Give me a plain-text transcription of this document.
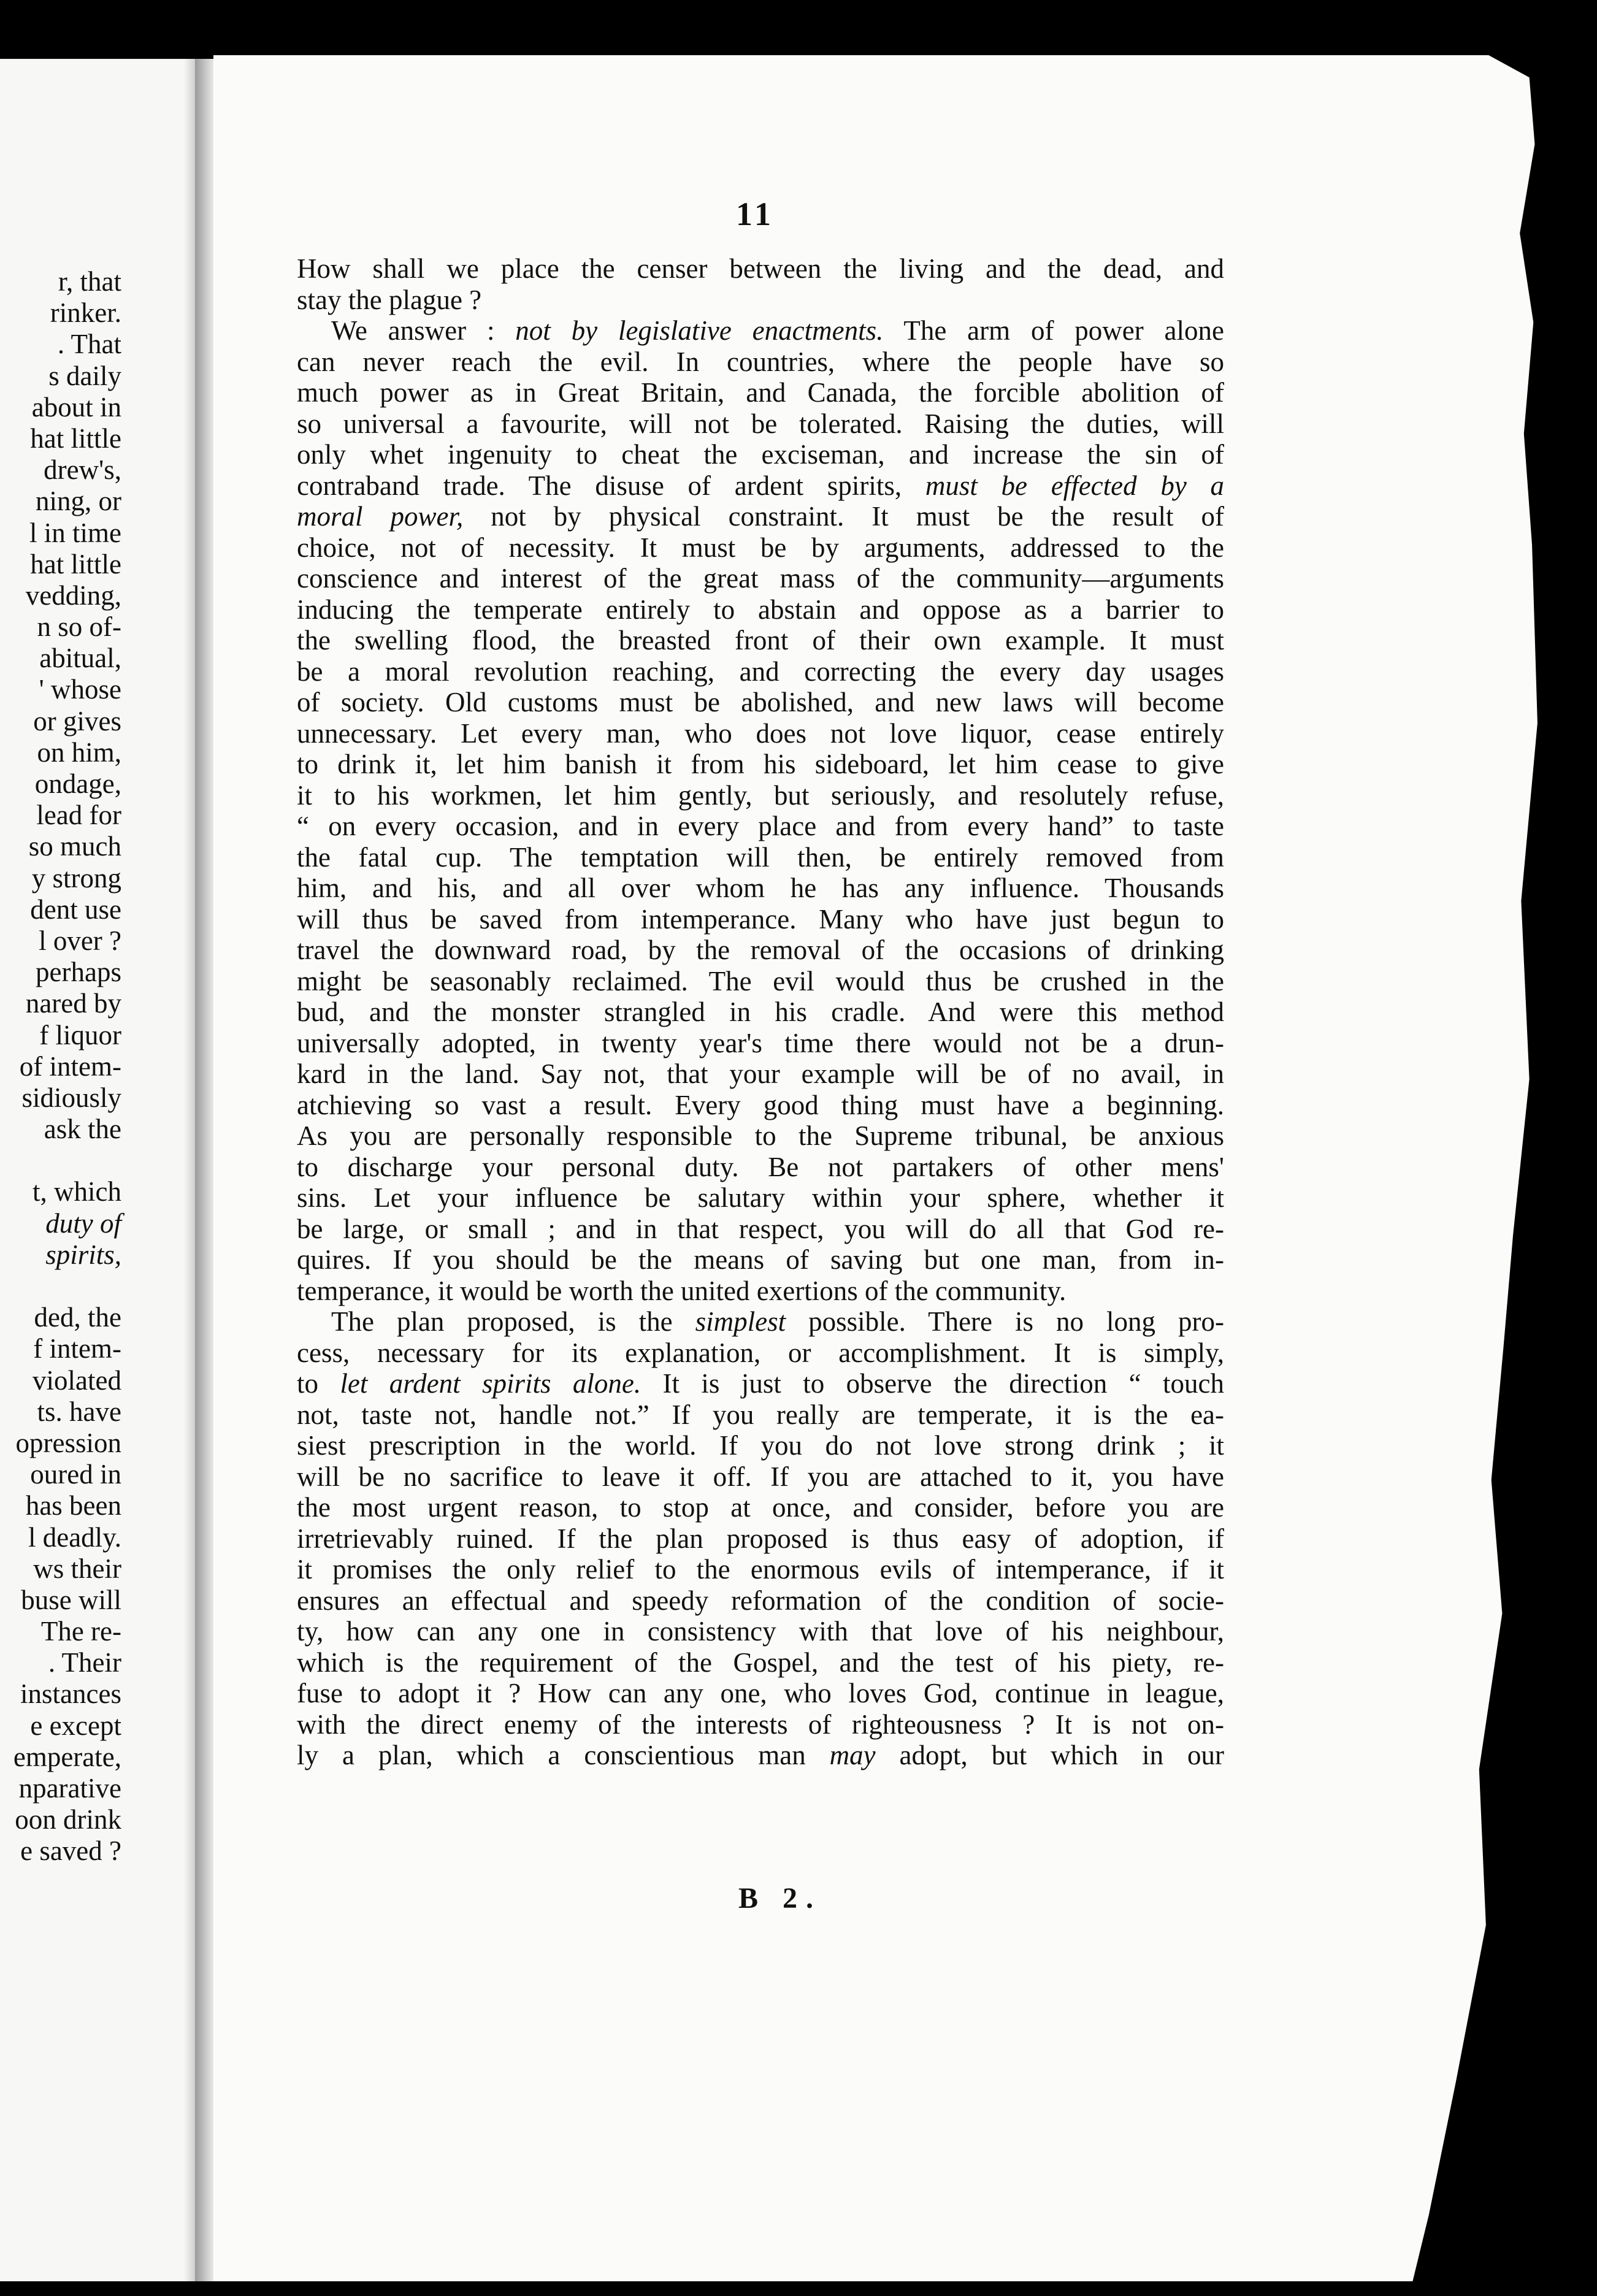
r, that
rinker.
. That
s daily
about in
hat little
drew's,
ning, or
l in time
hat little
vedding,
n so of-
abitual,
' whose
or gives
on him,
ondage,
lead for
so much
y strong
dent use
l over ?
perhaps
nared by
f liquor
of intem-
sidiously
ask the
t, which
duty of
spirits,
ded, the
f intem-
violated
ts. have
opression
oured in
has been
l deadly.
ws their
buse will
The re-
. Their
instances
e except
emperate,
nparative
oon drink
e saved ?

11

How shall we place the censer between the living and the dead, and
stay the plague ?
We answer : not by legislative enactments. The arm of power alone
can never reach the evil. In countries, where the people have so
much power as in Great Britain, and Canada, the forcible abolition of
so universal a favourite, will not be tolerated. Raising the duties, will
only whet ingenuity to cheat the exciseman, and increase the sin of
contraband trade. The disuse of ardent spirits, must be effected by a
moral power, not by physical constraint. It must be the result of
choice, not of necessity. It must be by arguments, addressed to the
conscience and interest of the great mass of the community—arguments
inducing the temperate entirely to abstain and oppose as a barrier to
the swelling flood, the breasted front of their own example. It must
be a moral revolution reaching, and correcting the every day usages
of society. Old customs must be abolished, and new laws will become
unnecessary. Let every man, who does not love liquor, cease entirely
to drink it, let him banish it from his sideboard, let him cease to give
it to his workmen, let him gently, but seriously, and resolutely refuse,
“ on every occasion, and in every place and from every hand” to taste
the fatal cup. The temptation will then, be entirely removed from
him, and his, and all over whom he has any influence. Thousands
will thus be saved from intemperance. Many who have just begun to
travel the downward road, by the removal of the occasions of drinking
might be seasonably reclaimed. The evil would thus be crushed in the
bud, and the monster strangled in his cradle. And were this method
universally adopted, in twenty year's time there would not be a drun-
kard in the land. Say not, that your example will be of no avail, in
atchieving so vast a result. Every good thing must have a beginning.
As you are personally responsible to the Supreme tribunal, be anxious
to discharge your personal duty. Be not partakers of other mens'
sins. Let your influence be salutary within your sphere, whether it
be large, or small ; and in that respect, you will do all that God re-
quires. If you should be the means of saving but one man, from in-
temperance, it would be worth the united exertions of the community.
The plan proposed, is the simplest possible. There is no long pro-
cess, necessary for its explanation, or accomplishment. It is simply,
to let ardent spirits alone. It is just to observe the direction “ touch
not, taste not, handle not.” If you really are temperate, it is the ea-
siest prescription in the world. If you do not love strong drink ; it
will be no sacrifice to leave it off. If you are attached to it, you have
the most urgent reason, to stop at once, and consider, before you are
irretrievably ruined. If the plan proposed is thus easy of adoption, if
it promises the only relief to the enormous evils of intemperance, if it
ensures an effectual and speedy reformation of the condition of socie-
ty, how can any one in consistency with that love of his neighbour,
which is the requirement of the Gospel, and the test of his piety, re-
fuse to adopt it ? How can any one, who loves God, continue in league,
with the direct enemy of the interests of righteousness ? It is not on-
ly a plan, which a conscientious man may adopt, but which in our

B 2.
